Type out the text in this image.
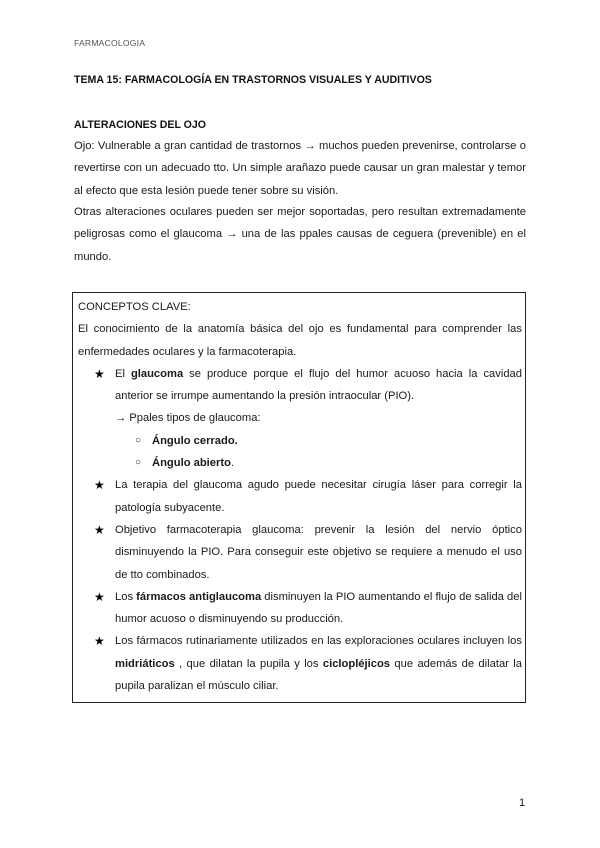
FARMACOLOGIA
TEMA 15: FARMACOLOGÍA EN TRASTORNOS VISUALES Y AUDITIVOS
ALTERACIONES DEL OJO
Ojo: Vulnerable a gran cantidad de trastornos → muchos pueden prevenirse, controlarse o revertirse con un adecuado tto. Un simple arañazo puede causar un gran malestar y temor al efecto que esta lesión puede tener sobre su visión.
Otras alteraciones oculares pueden ser mejor soportadas, pero resultan extremadamente peligrosas como el glaucoma → una de las ppales causas de ceguera (prevenible) en el mundo.
CONCEPTOS CLAVE:
El conocimiento de la anatomía básica del ojo es fundamental para comprender las enfermedades oculares y la farmacoterapia.
★ El glaucoma se produce porque el flujo del humor acuoso hacia la cavidad anterior se irrumpe aumentando la presión intraocular (PIO).
→ Ppales tipos de glaucoma:
○ Ángulo cerrado.
○ Ángulo abierto.
★ La terapia del glaucoma agudo puede necesitar cirugía láser para corregir la patología subyacente.
★ Objetivo farmacoterapia glaucoma: prevenir la lesión del nervio óptico disminuyendo la PIO. Para conseguir este objetivo se requiere a menudo el uso de tto combinados.
★ Los fármacos antiglaucoma disminuyen la PIO aumentando el flujo de salida del humor acuoso o disminuyendo su producción.
★ Los fármacos rutinariamente utilizados en las exploraciones oculares incluyen los midriáticos , que dilatan la pupila y los ciclopléjicos que además de dilatar la pupila paralizan el músculo ciliar.
1
